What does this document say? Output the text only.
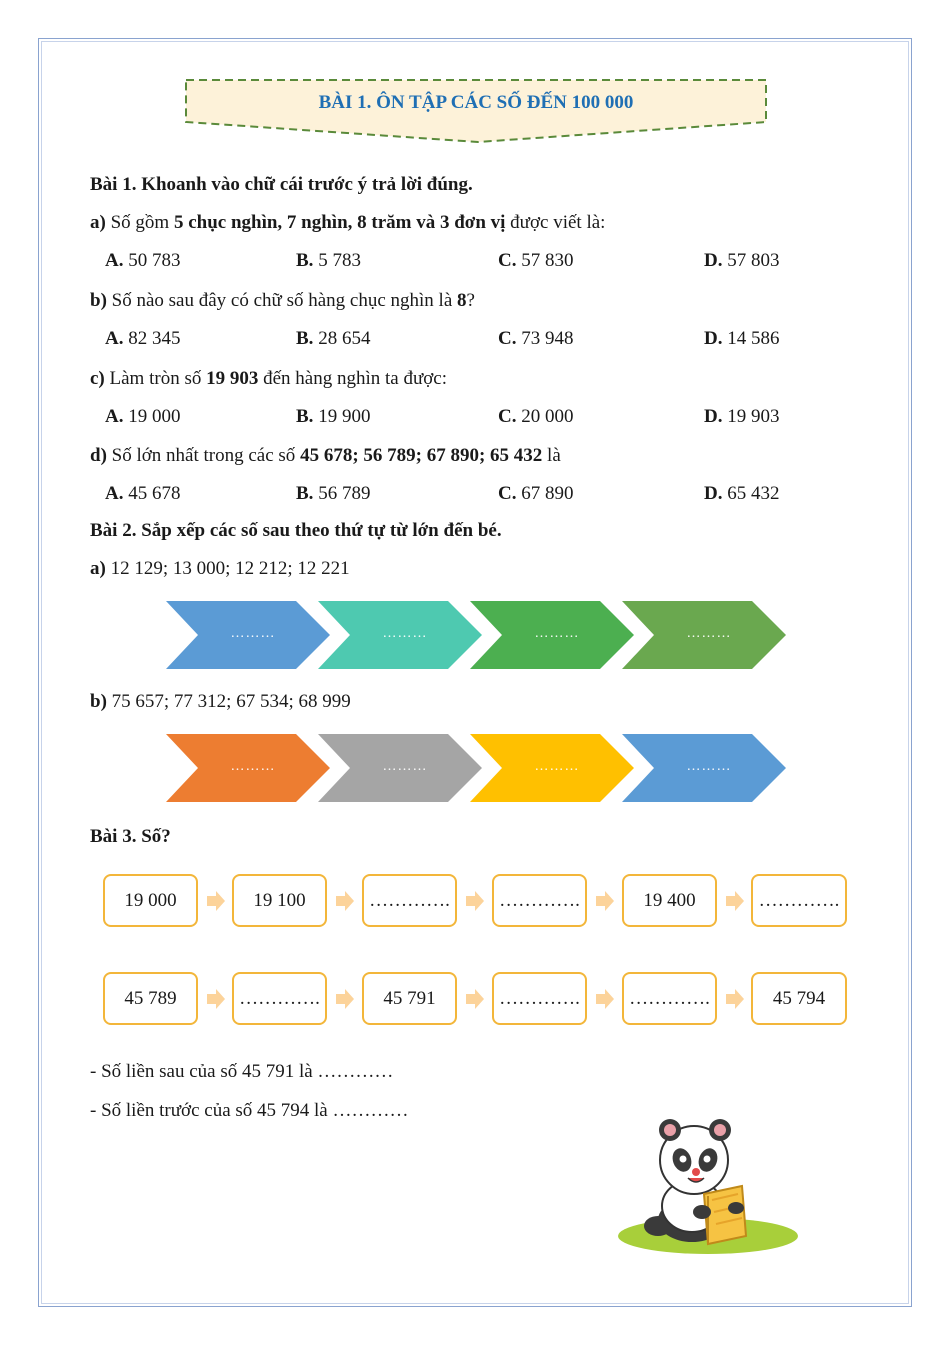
BÀI 1. ÔN TẬP CÁC SỐ ĐẾN 100 000
Bài 1. Khoanh vào chữ cái trước ý trả lời đúng.
a) Số gồm 5 chục nghìn, 7 nghìn, 8 trăm và 3 đơn vị được viết là:
A. 50 783	B. 5 783	C. 57 830	D. 57 803
b) Số nào sau đây có chữ số hàng chục nghìn là 8?
A. 82 345	B. 28 654	C. 73 948	D. 14 586
c) Làm tròn số 19 903 đến hàng nghìn ta được:
A. 19 000	B. 19 900	C. 20 000	D. 19 903
d) Số lớn nhất trong các số 45 678; 56 789; 67 890; 65 432 là
A. 45 678	B. 56 789	C. 67 890	D. 65 432
Bài 2. Sắp xếp các số sau theo thứ tự từ lớn đến bé.
a) 12 129; 13 000; 12 212; 12 221
………	………	………	………
b) 75 657; 77 312; 67 534; 68 999
………	………	………	………
Bài 3. Số?
19 000	19 100	………….	………….	19 400	………….
45 789	………….	45 791	………….	………….	45 794
- Số liền sau của số 45 791 là …………
- Số liền trước của số 45 794 là …………
